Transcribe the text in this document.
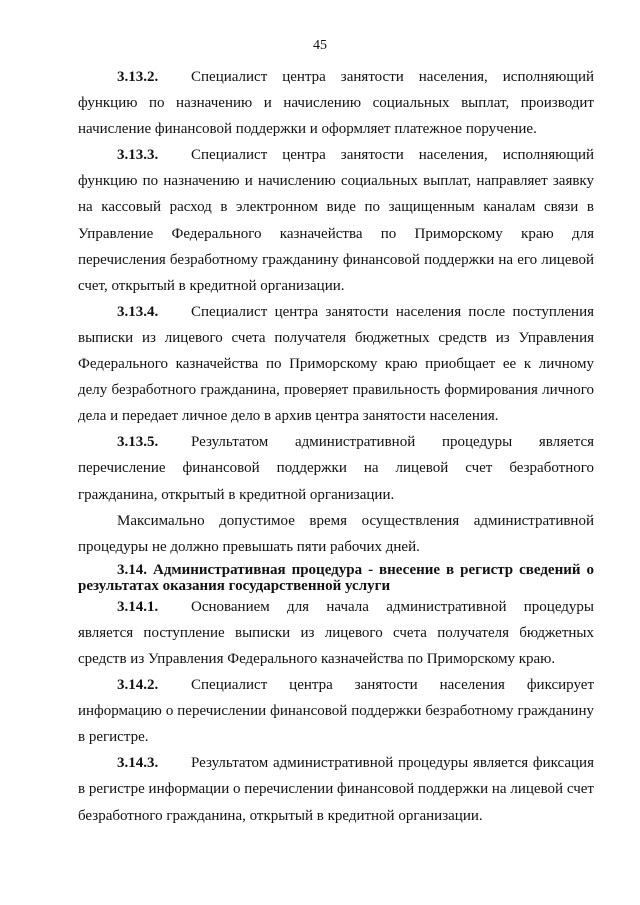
45

3.13.2. Специалист центра занятости населения, исполняющий функцию по назначению и начислению социальных выплат, производит начисление финансовой поддержки и оформляет платежное поручение.

3.13.3. Специалист центра занятости населения, исполняющий функцию по назначению и начислению социальных выплат, направляет заявку на кассовый расход в электронном виде по защищенным каналам связи в Управление Федерального казначейства по Приморскому краю для перечисления безработному гражданину финансовой поддержки на его лицевой счет, открытый в кредитной организации.

3.13.4. Специалист центра занятости населения после поступления выписки из лицевого счета получателя бюджетных средств из Управления Федерального казначейства по Приморскому краю приобщает ее к личному делу безработного гражданина, проверяет правильность формирования личного дела и передает личное дело в архив центра занятости населения.

3.13.5. Результатом административной процедуры является перечисление финансовой поддержки на лицевой счет безработного гражданина, открытый в кредитной организации.

Максимально допустимое время осуществления административной процедуры не должно превышать пяти рабочих дней.

3.14. Административная процедура - внесение в регистр сведений о результатах оказания государственной услуги

3.14.1. Основанием для начала административной процедуры является поступление выписки из лицевого счета получателя бюджетных средств из Управления Федерального казначейства по Приморскому краю.

3.14.2. Специалист центра занятости населения фиксирует информацию о перечислении финансовой поддержки безработному гражданину в регистре.

3.14.3. Результатом административной процедуры является фиксация в регистре информации о перечислении финансовой поддержки на лицевой счет безработного гражданина, открытый в кредитной организации.
